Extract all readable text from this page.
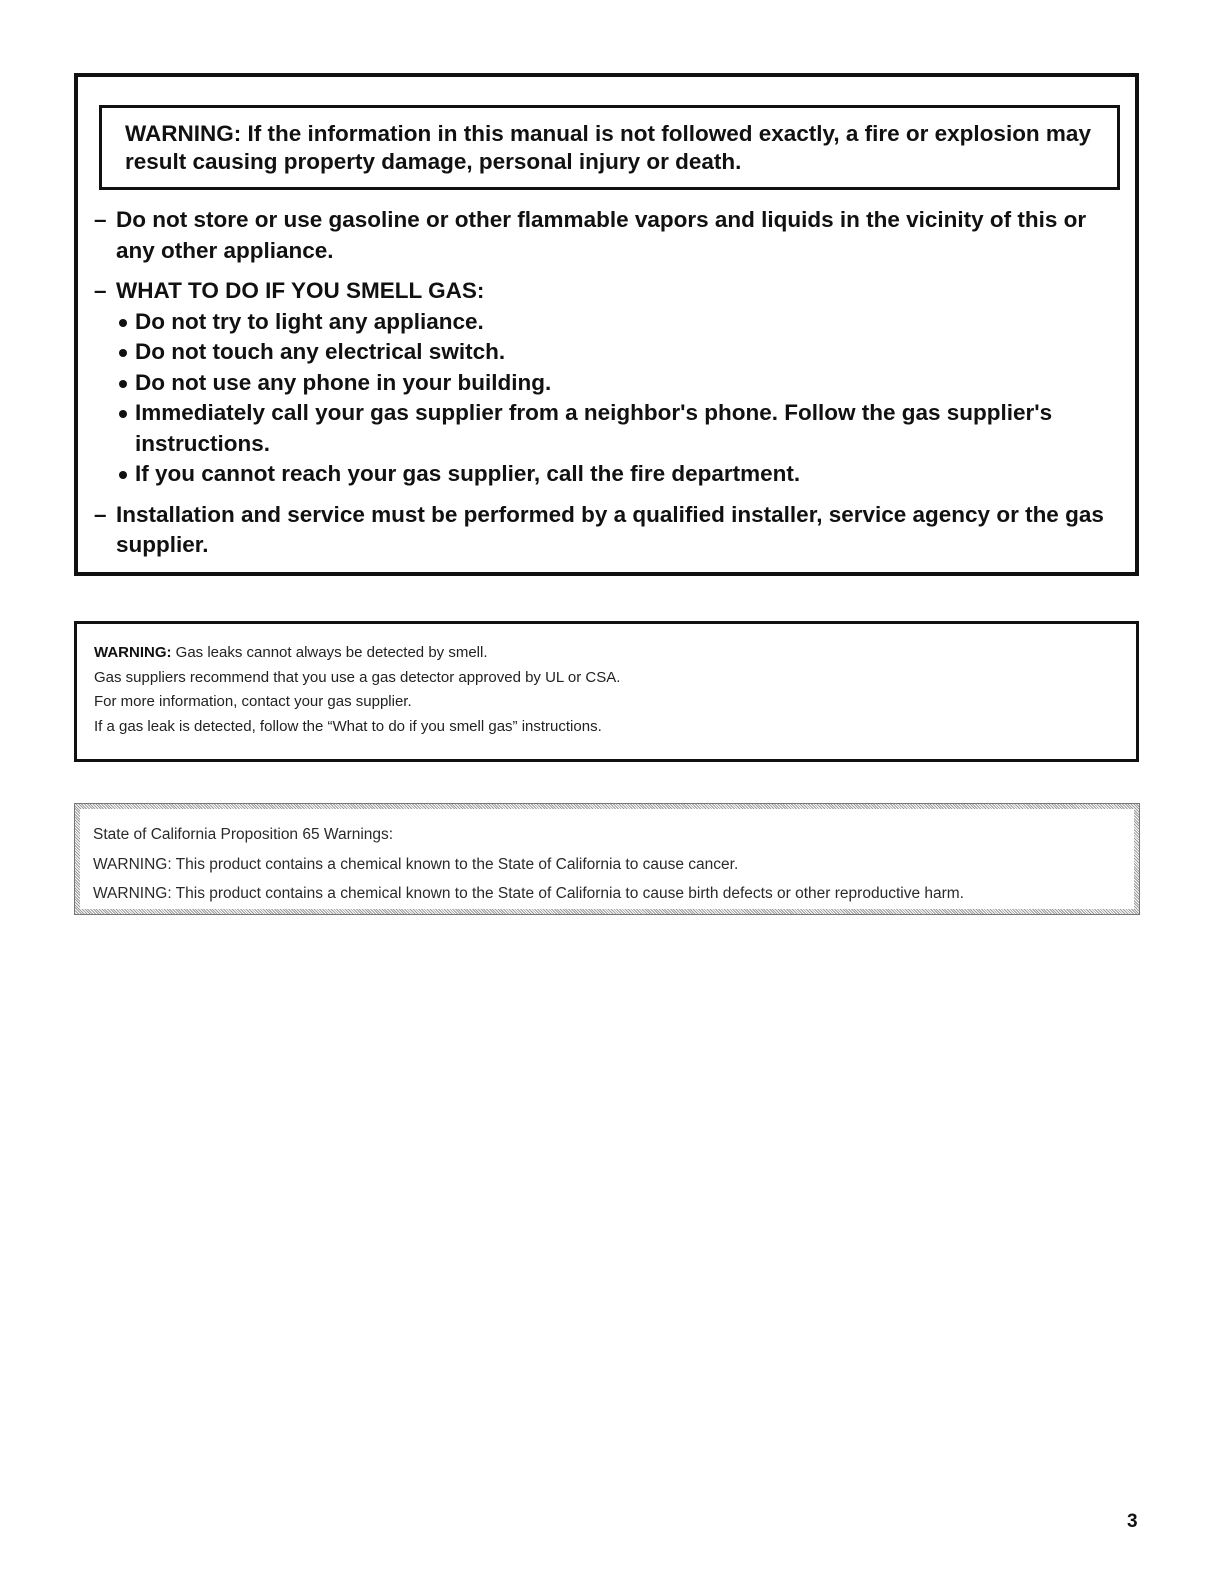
WARNING: If the information in this manual is not followed exactly, a fire or explosion may result causing property damage, personal injury or death.

– Do not store or use gasoline or other flammable vapors and liquids in the vicinity of this or any other appliance.
– WHAT TO DO IF YOU SMELL GAS:
Do not try to light any appliance.
Do not touch any electrical switch.
Do not use any phone in your building.
Immediately call your gas supplier from a neighbor's phone. Follow the gas supplier's instructions.
If you cannot reach your gas supplier, call the fire department.
– Installation and service must be performed by a qualified installer, service agency or the gas supplier.

WARNING: Gas leaks cannot always be detected by smell.

Gas suppliers recommend that you use a gas detector approved by UL or CSA.

For more information, contact your gas supplier.

If a gas leak is detected, follow the “What to do if you smell gas” instructions.

State of California Proposition 65 Warnings:

WARNING: This product contains a chemical known to the State of California to cause cancer.

WARNING: This product contains a chemical known to the State of California to cause birth defects or other reproductive harm.

3
